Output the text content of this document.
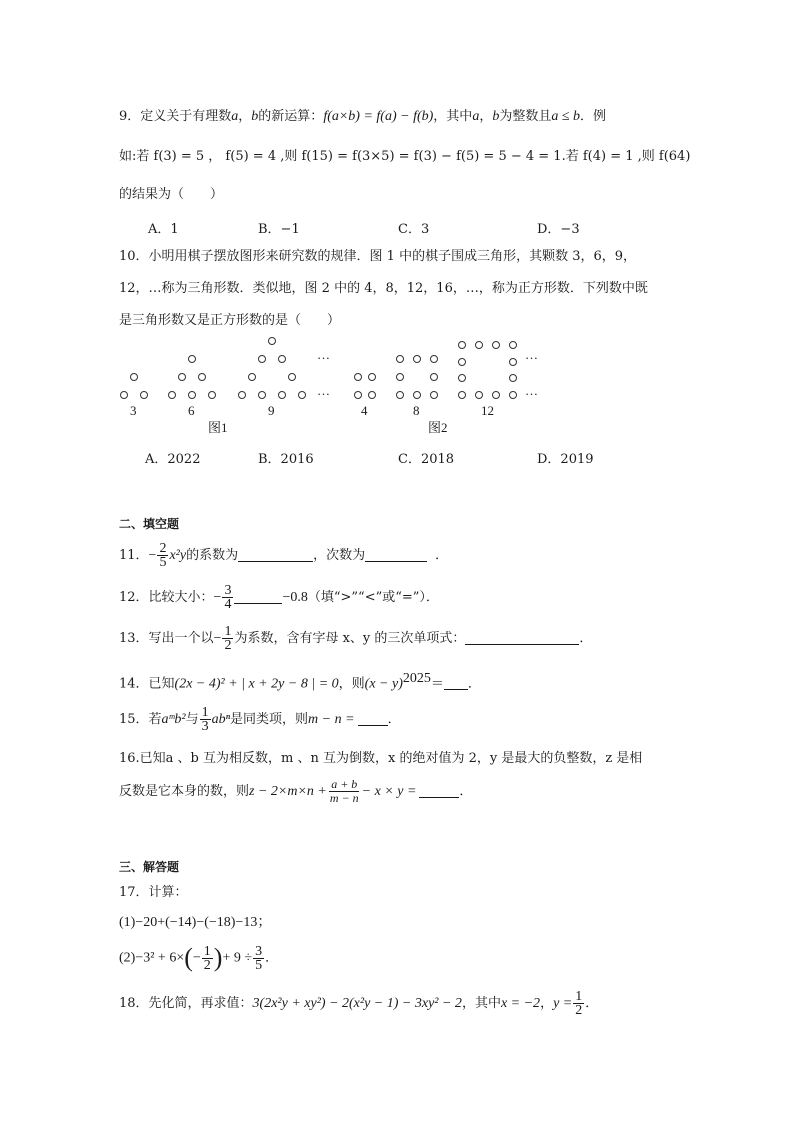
9．定义关于有理数a，b的新运算：f(a×b) = f(a) − f(b)，其中a，b为整数且a ≤ b．例
如:若 f(3) = 5 ， f(5) = 4 ,则 f(15) = f(3×5) = f(3) − f(5) = 5 − 4 = 1.若 f(4) = 1 ,则 f(64)
的结果为（　　）
A．1	B．−1	C．3	D．−3
10．小明用棋子摆放图形来研究数的规律．图 1 中的棋子围成三角形，其颗数 3，6，9，
12，…称为三角形数．类似地，图 2 中的 4，8，12，16，…，称为正方形数．下列数中既
是三角形数又是正方形数的是（　　）
3	6	9	4	8	12
…
…
…
…
图1	图2
A．2022	B．2016	C．2018	D．2019
二、填空题
11．− $\frac{2}{5} x^2y$的系数为	，次数为	．
12．比较大小：− $\frac{3}{4}$	−0.8（填“>”“<”或“=”）．
13．写出一个以− $\frac{1}{2}$ 为系数，含有字母 x、y 的三次单项式：	．
14．已知(2x − 4)² + | x + 2y − 8 | = 0，则$(x - y)^{2025}=$ ．
15．若aᵐb²与 $\frac{1}{3}$ abⁿ是同类项，则m − n =	．
16.已知a 、b 互为相反数，m 、n 互为倒数，x 的绝对值为 2，y 是最大的负整数，z 是相
反数是它本身的数，则$z - 2\times m\times n + \frac{a + b}{m - n} - x \times y$ =	．
三、解答题
17．计算：
(1)−20+(−14)−(−18)−13；
$(2)-3^2 + 6\times(- \frac{1}{2}$ )+ $9 \div \frac{3}{5}$ ．
18．先化简，再求值：3(2x²y + xy²) − 2(x²y − 1) − 3xy² − 2，其中x = −2，$y = \frac{1}{2}$ ．
